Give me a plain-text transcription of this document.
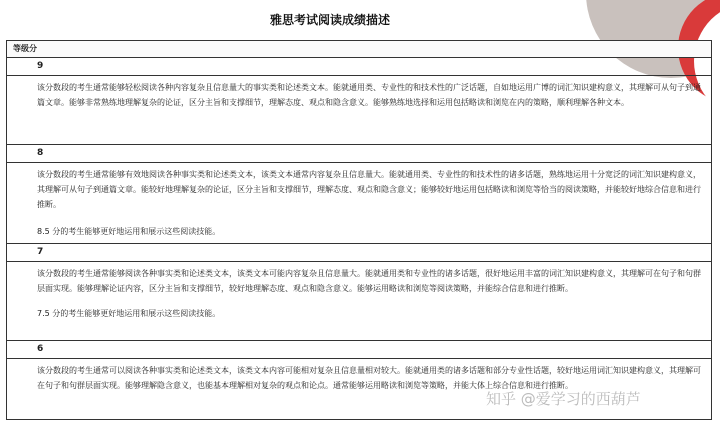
雅思考试阅读成绩描述
等级分
9

该分数段的考生通常能够轻松阅读各种内容复杂且信息量大的事实类和论述类文本。能就通用类、专业性的和技术性的广泛话题，自如地运用广博的词汇知识建构意义，其理解可从句子到通篇文章。能够非常熟练地理解复杂的论证，区分主旨和支撑细节，理解态度、观点和隐含意义。能够熟练地选择和运用包括略读和浏览在内的策略，顺利理解各种文本。

8

该分数段的考生通常能够有效地阅读各种事实类和论述类文本，该类文本通常内容复杂且信息量大。能就通用类、专业性的和技术性的诸多话题，熟练地运用十分宽泛的词汇知识建构意义，其理解可从句子到通篇文章。能较好地理解复杂的论证，区分主旨和支撑细节，理解态度、观点和隐含意义；能够较好地运用包括略读和浏览等恰当的阅读策略，并能较好地综合信息和进行推断。

8.5 分的考生能够更好地运用和展示这些阅读技能。

7

该分数段的考生通常能够阅读各种事实类和论述类文本，该类文本可能内容复杂且信息量大。能就通用类和专业性的诸多话题，很好地运用丰富的词汇知识建构意义，其理解可在句子和句群层面实现。能够理解论证内容，区分主旨和支撑细节，较好地理解态度、观点和隐含意义。能够运用略读和浏览等阅读策略，并能综合信息和进行推断。

7.5 分的考生能够更好地运用和展示这些阅读技能。

6

该分数段的考生通常可以阅读各种事实类和论述类文本，该类文本内容可能相对复杂且信息量相对较大。能就通用类的诸多话题和部分专业性话题，较好地运用词汇知识建构意义，其理解可在句子和句群层面实现。能够理解隐含意义，也能基本理解相对复杂的观点和论点。通常能够运用略读和浏览等策略，并能大体上综合信息和进行推断。

知乎 @爱学习的西葫芦
